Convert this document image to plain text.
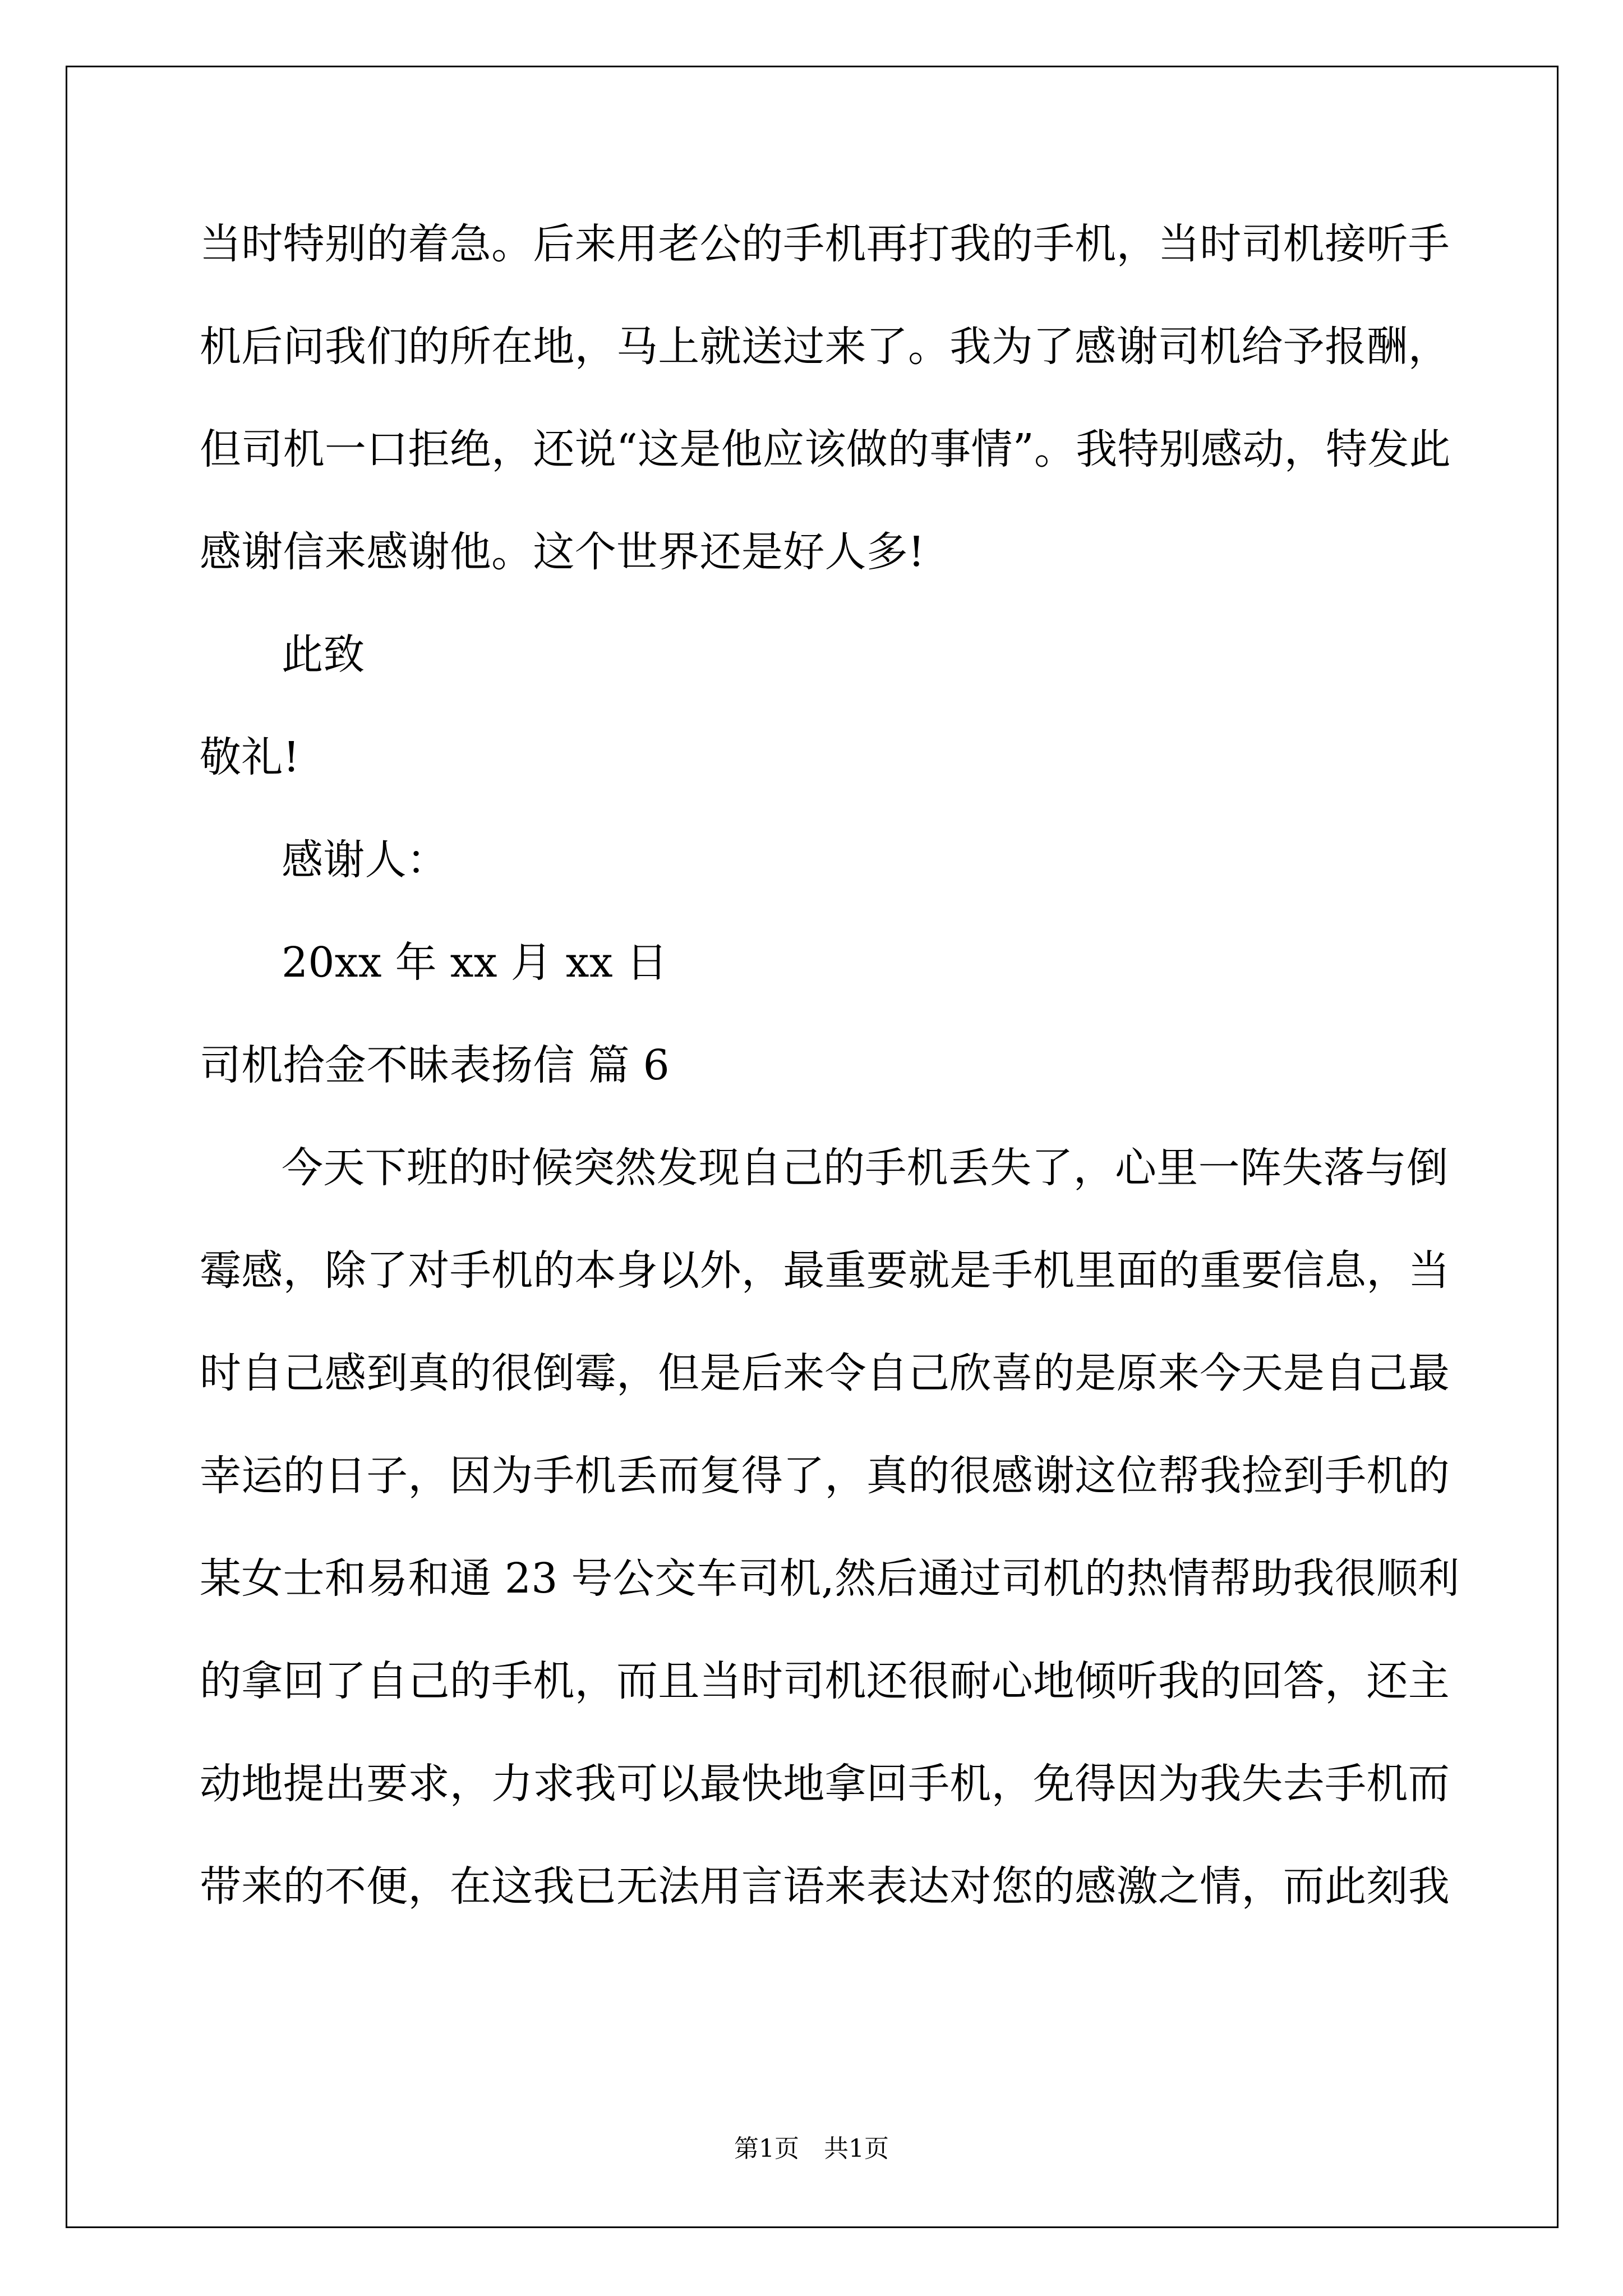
当时特别的着急。后来用老公的手机再打我的手机，当时司机接听手
机后问我们的所在地，马上就送过来了。我为了感谢司机给予报酬，
但司机一口拒绝，还说“这是他应该做的事情”。我特别感动，特发此
感谢信来感谢他。这个世界还是好人多!
此致
敬礼!
感谢人：
20xx 年 xx 月 xx 日
司机拾金不昧表扬信 篇 6
今天下班的时候突然发现自己的手机丢失了，心里一阵失落与倒
霉感，除了对手机的本身以外，最重要就是手机里面的重要信息，当
时自己感到真的很倒霉，但是后来令自己欣喜的是原来今天是自己最
幸运的日子，因为手机丢而复得了，真的很感谢这位帮我捡到手机的
某女士和易和通 23 号公交车司机,然后通过司机的热情帮助我很顺利
的拿回了自己的手机，而且当时司机还很耐心地倾听我的回答，还主
动地提出要求，力求我可以最快地拿回手机，免得因为我失去手机而
带来的不便，在这我已无法用言语来表达对您的感激之情，而此刻我
第1页　共1页
